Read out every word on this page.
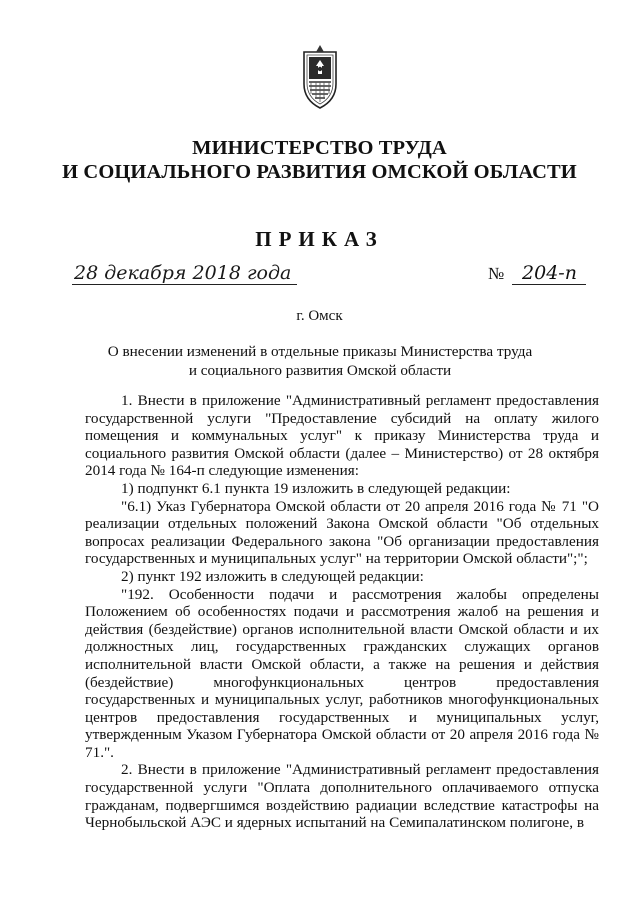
МИНИСТЕРСТВО ТРУДА
И СОЦИАЛЬНОГО РАЗВИТИЯ ОМСКОЙ ОБЛАСТИ
ПРИКАЗ
28 декабря 2018 года	№ 204-п
г. Омск
О внесении изменений в отдельные приказы Министерства труда
и социального развития Омской области

1. Внести в приложение "Административный регламент предоставления государственной услуги "Предоставление субсидий на оплату жилого помещения и коммунальных услуг" к приказу Министерства труда и социального развития Омской области (далее – Министерство) от 28 октября 2014 года № 164-п следующие изменения:

1) подпункт 6.1 пункта 19 изложить в следующей редакции:

"6.1) Указ Губернатора Омской области от 20 апреля 2016 года № 71 "О реализации отдельных положений Закона Омской области "Об отдельных вопросах реализации Федерального закона "Об организации предоставления государственных и муниципальных услуг" на территории Омской области";";

2) пункт 192 изложить в следующей редакции:

"192. Особенности подачи и рассмотрения жалобы определены Положением об особенностях подачи и рассмотрения жалоб на решения и действия (бездействие) органов исполнительной власти Омской области и их должностных лиц, государственных гражданских служащих органов исполнительной власти Омской области, а также на решения и действия (бездействие) многофункциональных центров предоставления государственных и муниципальных услуг, работников многофункциональных центров предоставления государственных и муниципальных услуг, утвержденным Указом Губернатора Омской области от 20 апреля 2016 года № 71.".

2. Внести в приложение "Административный регламент предоставления государственной услуги "Оплата дополнительного оплачиваемого отпуска гражданам, подвергшимся воздействию радиации вследствие катастрофы на Чернобыльской АЭС и ядерных испытаний на Семипалатинском полигоне, в
